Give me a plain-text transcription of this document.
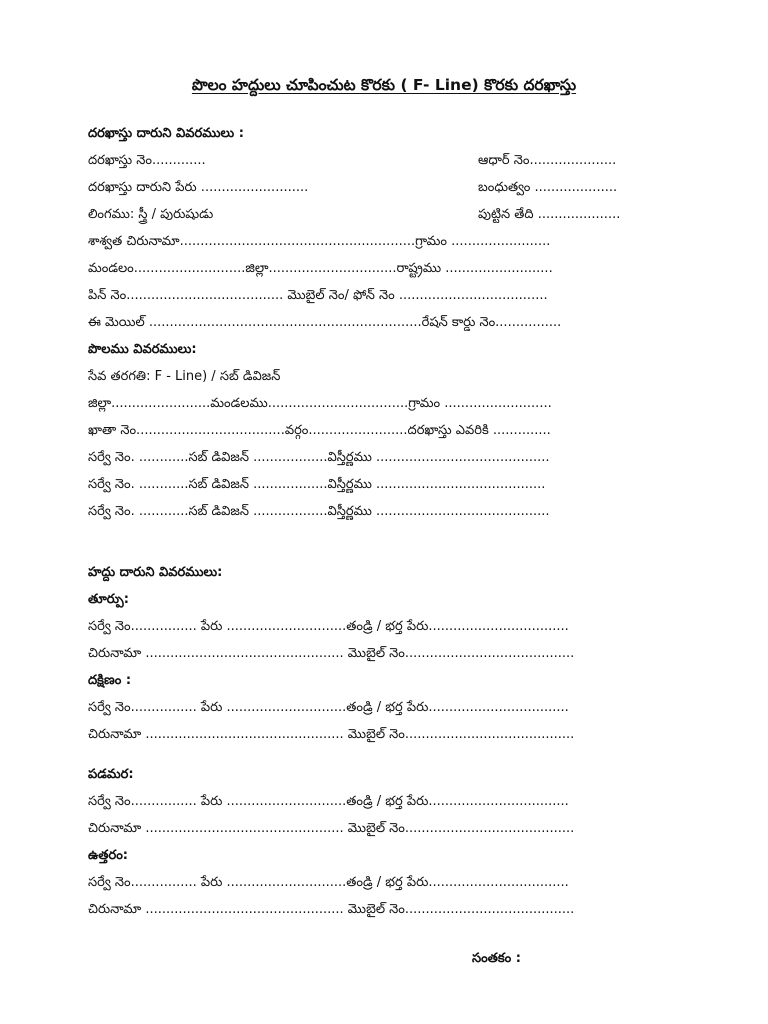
పొలం హద్దులు చూపించుట కొరకు ( F- Line) కొరకు దరఖాస్తు
దరఖాస్తు దారుని వివరములు :
దరఖాస్తు నెం.............	ఆధార్ నెం.....................
దరఖాస్తు దారుని పేరు ..........................	బంధుత్వం ....................
లింగము: స్త్రీ / పురుషుడు	పుట్టిన తేది ....................
శాశ్వత చిరునామా.........................................................గ్రామం ........................
మండలం...........................జిల్లా...............................రాష్ట్రము ..........................
పిన్ నెం...................................... మొబైల్ నెం/ ఫోన్ నెం ....................................
ఈ మెయిల్ ..................................................................రేషన్ కార్డు నెం................
పొలము వివరములు:
సేవ తరగతి: F - Line) / సబ్ డివిజన్
జిల్లా........................మండలము..................................గ్రామం ..........................
ఖాతా నెం....................................వర్గం........................దరఖాస్తు ఎవరికి ..............
సర్వే నెం. ............సబ్ డివిజన్ ..................విస్తీర్ణము ..........................................
సర్వే నెం. ............సబ్ డివిజన్ ..................విస్తీర్ణము .........................................
సర్వే నెం. ............సబ్ డివిజన్ ..................విస్తీర్ణము ..........................................
హద్దు దారుని వివరములు:
తూర్పు:
సర్వే నెం................ పేరు .............................తండ్రి / భర్త పేరు..................................
చిరునామా ................................................ మొబైల్ నెం.........................................
దక్షిణం :
సర్వే నెం................ పేరు .............................తండ్రి / భర్త పేరు..................................
చిరునామా ................................................ మొబైల్ నెం.........................................
పడమర:
సర్వే నెం................ పేరు .............................తండ్రి / భర్త పేరు..................................
చిరునామా ................................................ మొబైల్ నెం.........................................
ఉత్తరం:
సర్వే నెం................ పేరు .............................తండ్రి / భర్త పేరు..................................
చిరునామా ................................................ మొబైల్ నెం.........................................
సంతకం :
